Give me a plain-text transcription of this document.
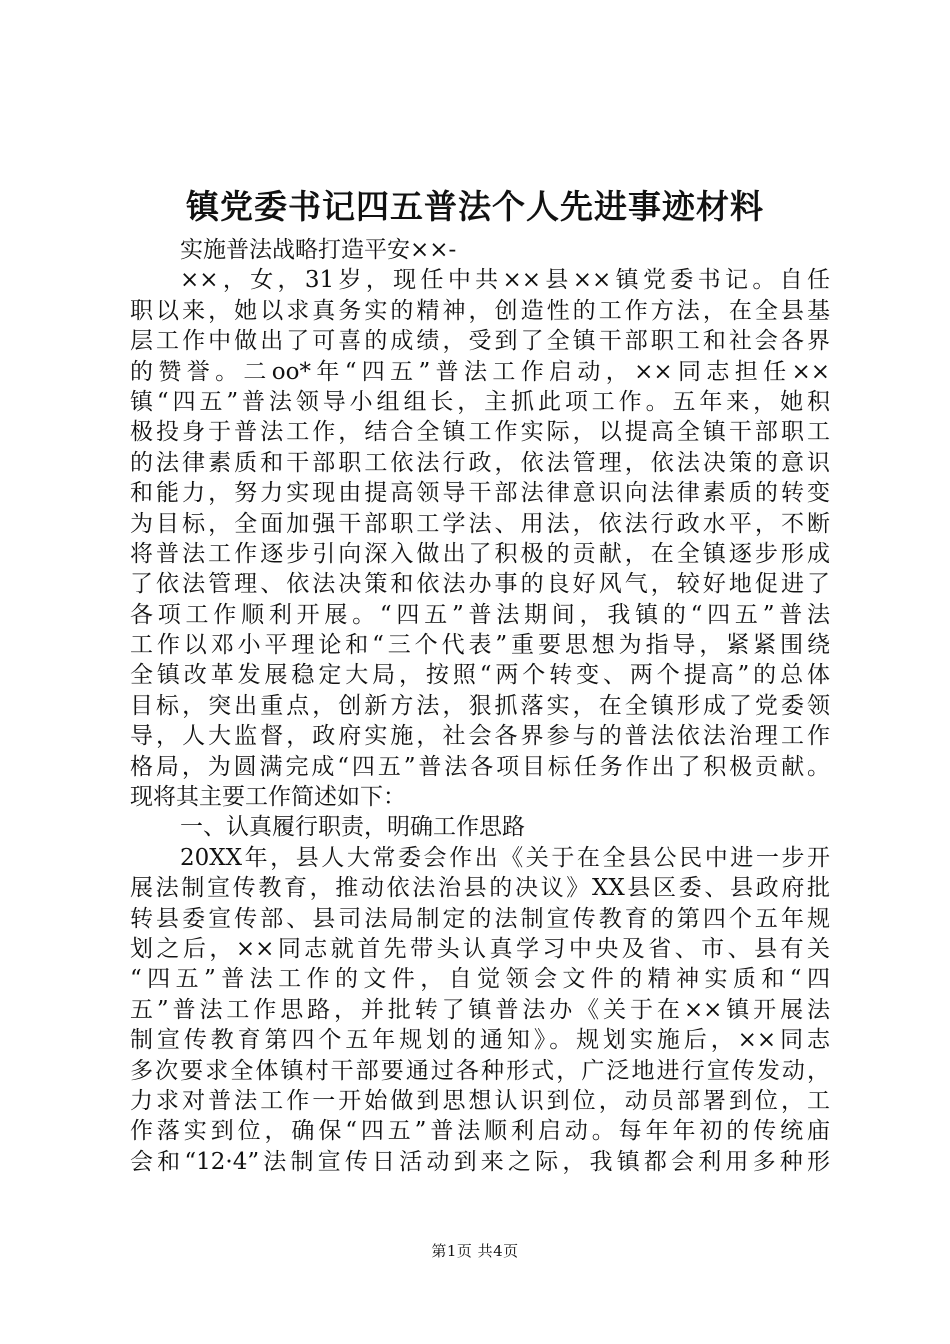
镇党委书记四五普法个人先进事迹材料
实施普法战略打造平安××-
××，女，31岁，现任中共××县××镇党委书记。自任
职以来，她以求真务实的精神，创造性的工作方法，在全县基
层工作中做出了可喜的成绩，受到了全镇干部职工和社会各界
的赞誉。二oo*年“四五”普法工作启动，××同志担任××
镇“四五”普法领导小组组长，主抓此项工作。五年来，她积
极投身于普法工作，结合全镇工作实际，以提高全镇干部职工
的法律素质和干部职工依法行政，依法管理，依法决策的意识
和能力，努力实现由提高领导干部法律意识向法律素质的转变
为目标，全面加强干部职工学法、用法，依法行政水平，不断
将普法工作逐步引向深入做出了积极的贡献，在全镇逐步形成
了依法管理、依法决策和依法办事的良好风气，较好地促进了
各项工作顺利开展。“四五”普法期间，我镇的“四五”普法
工作以邓小平理论和“三个代表”重要思想为指导，紧紧围绕
全镇改革发展稳定大局，按照“两个转变、两个提高”的总体
目标，突出重点，创新方法，狠抓落实，在全镇形成了党委领
导，人大监督，政府实施，社会各界参与的普法依法治理工作
格局，为圆满完成“四五”普法各项目标任务作出了积极贡献。
现将其主要工作简述如下：
一、认真履行职责，明确工作思路
20XX年，县人大常委会作出《关于在全县公民中进一步开
展法制宣传教育，推动依法治县的决议》XX县区委、县政府批
转县委宣传部、县司法局制定的法制宣传教育的第四个五年规
划之后，××同志就首先带头认真学习中央及省、市、县有关
“四五”普法工作的文件，自觉领会文件的精神实质和“四
五”普法工作思路，并批转了镇普法办《关于在××镇开展法
制宣传教育第四个五年规划的通知》。规划实施后，××同志
多次要求全体镇村干部要通过各种形式，广泛地进行宣传发动，
力求对普法工作一开始做到思想认识到位，动员部署到位，工
作落实到位，确保“四五”普法顺利启动。每年年初的传统庙
会和“12·4”法制宣传日活动到来之际，我镇都会利用多种形
第1页 共4页
